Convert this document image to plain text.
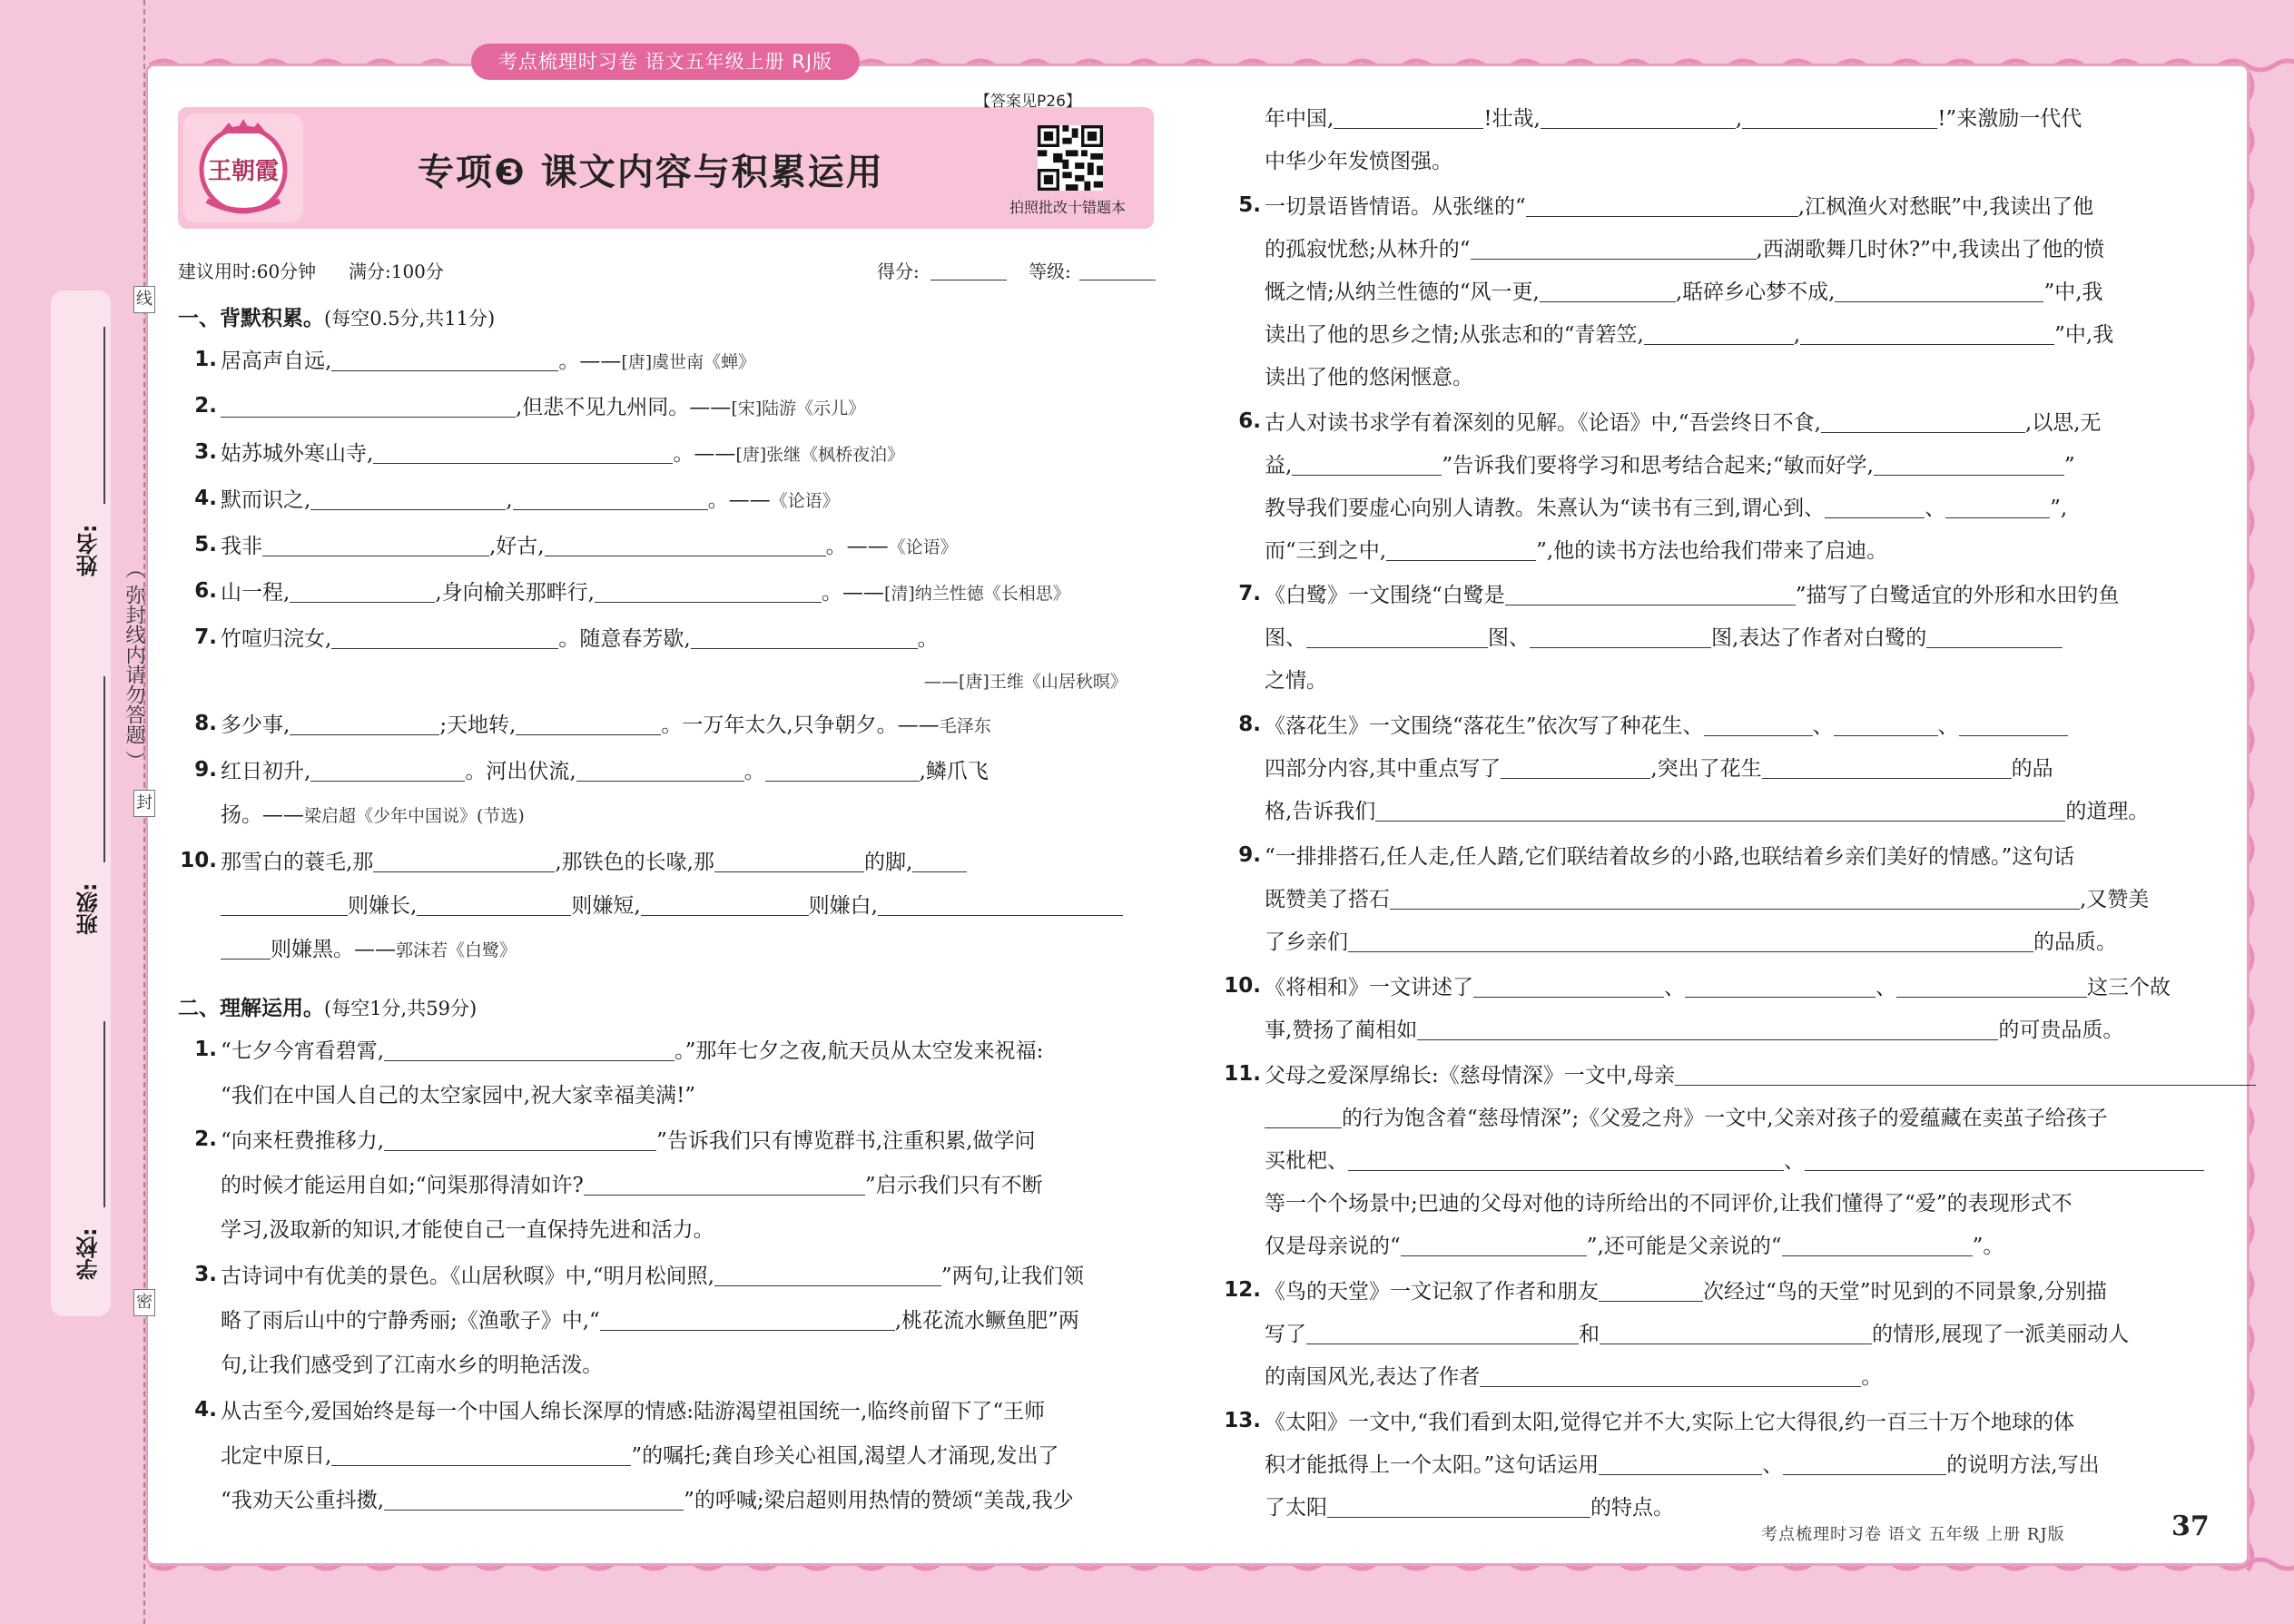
姓名:
班级:
学校:
（ 弥封线内请勿答题 ）
线
封
密
考点梳理时习卷 语文五年级上册 RJ版
王朝霞	专项❸ 课文内容与积累运用
【答案见P26】
拍照批改十错题本
建议用时:60分钟 满分:100分	得分:	等级:
一、背默积累。(每空0.5分,共11分)
1. 居高声自远,	。——[唐]虞世南《蝉》
2.	,但悲不见九州同。——[宋]陆游《示儿》
3. 姑苏城外寒山寺,	。——[唐]张继《枫桥夜泊》
4. 默而识之,	,	。——《论语》
5. 我非	,好古,	。——《论语》
6. 山一程,	,身向榆关那畔行,	。——[清]纳兰性德《长相思》
7. 竹喧归浣女,	。随意春芳歇,	。
——[唐]王维《山居秋暝》
8. 多少事,	;天地转,	。一万年太久,只争朝夕。——毛泽东
9. 红日初升,	。河出伏流,	。	,鳞爪飞
扬。——梁启超《少年中国说》(节选)
10. 那雪白的蓑毛,那	,那铁色的长喙,那	的脚,
则嫌长,	则嫌短,	则嫌白,
则嫌黑。——郭沫若《白鹭》
1. “七夕今宵看碧霄,	。”那年七夕之夜,航天员从太空发来祝福:
“我们在中国人自己的太空家园中,祝大家幸福美满!”
2. “向来枉费推移力,	”告诉我们只有博览群书,注重积累,做学问
的时候才能运用自如;“问渠那得清如许?	”启示我们只有不断
学习,汲取新的知识,才能使自己一直保持先进和活力。
3. 古诗词中有优美的景色。《山居秋暝》中,“明月松间照,	”两句,让我们领
略了雨后山中的宁静秀丽;《渔歌子》中,“	,桃花流水鳜鱼肥”两
句,让我们感受到了江南水乡的明艳活泼。
4. 从古至今,爱国始终是每一个中国人绵长深厚的情感:陆游渴望祖国统一,临终前留下了“王师
北定中原日,	”的嘱托;龚自珍关心祖国,渴望人才涌现,发出了
“我劝天公重抖擞,	”的呼喊;梁启超则用热情的赞颂“美哉,我少
二、理解运用。(每空1分,共59分)
年中国,	!壮哉,	,	!”来激励一代代
中华少年发愤图强。
5. 一切景语皆情语。从张继的“	,江枫渔火对愁眠”中,我读出了他
的孤寂忧愁;从林升的“	,西湖歌舞几时休?”中,我读出了他的愤
慨之情;从纳兰性德的“风一更,	,聒碎乡心梦不成,	”中,我
读出了他的思乡之情;从张志和的“青箬笠,	,	”中,我
读出了他的悠闲惬意。
6. 古人对读书求学有着深刻的见解。《论语》中,“吾尝终日不食,	,以思,无
益,	”告诉我们要将学习和思考结合起来;“敏而好学,	”
教导我们要虚心向别人请教。朱熹认为“读书有三到,谓心到、	、	”,
而“三到之中,	”,他的读书方法也给我们带来了启迪。
7. 《白鹭》一文围绕“白鹭是	”描写了白鹭适宜的外形和水田钓鱼
图、	图、	图,表达了作者对白鹭的
之情。
8. 《落花生》一文围绕“落花生”依次写了种花生、	、	、
四部分内容,其中重点写了	,突出了花生	的品
格,告诉我们	的道理。
9. “一排排搭石,任人走,任人踏,它们联结着故乡的小路,也联结着乡亲们美好的情感。”这句话
既赞美了搭石	,又赞美
了乡亲们	的品质。
10. 《将相和》一文讲述了	、	、	这三个故
事,赞扬了蔺相如	的可贵品质。
11. 父母之爱深厚绵长:《慈母情深》一文中,母亲
的行为饱含着“慈母情深”;《父爱之舟》一文中,父亲对孩子的爱蕴藏在卖茧子给孩子
买枇杷、	、
等一个个场景中;巴迪的父母对他的诗所给出的不同评价,让我们懂得了“爱”的表现形式不
仅是母亲说的“	”,还可能是父亲说的“	”。
12. 《鸟的天堂》一文记叙了作者和朋友	次经过“鸟的天堂”时见到的不同景象,分别描
写了	和	的情形,展现了一派美丽动人
的南国风光,表达了作者	。
13. 《太阳》一文中,“我们看到太阳,觉得它并不大,实际上它大得很,约一百三十万个地球的体
积才能抵得上一个太阳。”这句话运用	、	的说明方法,写出
了太阳	的特点。
考点梳理时习卷 语文 五年级 上册 RJ版	37
